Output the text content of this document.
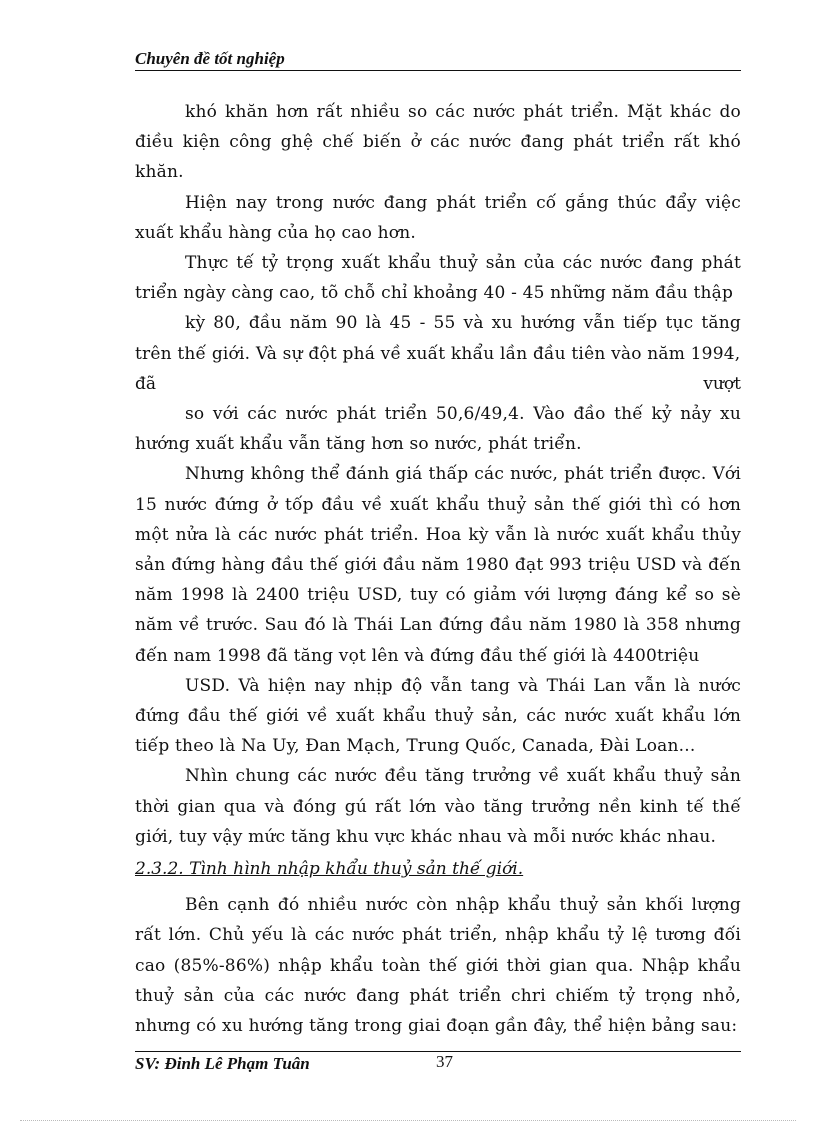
Chuyên đề tốt nghiệp

khó khăn hơn rất nhiều so các nước phát triển. Mặt khác do điều kiện công ghệ chế biến ở các nước đang phát triển rất khó khăn.

Hiện nay trong nước đang phát triển cố gắng thúc đẩy việc xuất khẩu hàng của họ cao hơn.

Thực tế tỷ trọng xuất khẩu thuỷ sản của các nước đang phát triển ngày càng cao, tõ chỗ chỉ khoảng 40 - 45 những năm đầu thập

kỳ 80, đầu năm 90 là 45 - 55 và xu hướng vẫn tiếp tục tăng trên thế giới. Và sự đột phá về xuất khẩu lần đầu tiên vào năm 1994,

đã	vượt

so với các nước phát triển 50,6/49,4. Vào đầo thế kỷ nảy xu hướng xuất khẩu vẫn tăng hơn so nước, phát triển.

Nhưng không thể đánh giá thấp các nước, phát triển được. Với 15 nước đứng ở tốp đầu về xuất khẩu thuỷ sản thế giới thì có hơn một nửa là các nước phát triển. Hoa kỳ vẫn là nước xuất khẩu thủy sản đứng hàng đầu thế giới đầu năm 1980 đạt 993 triệu USD và đến năm 1998 là 2400 triệu USD, tuy có giảm với lượng đáng kể so sè năm về trước. Sau đó là Thái Lan đứng đầu năm 1980 là 358 nhưng đến nam 1998 đã tăng vọt lên và đứng đầu thế giới là 4400triệu

USD. Và hiện nay nhịp độ vẫn tang và Thái Lan vẫn là nước đứng đầu thế giới về xuất khẩu thuỷ sản, các nước xuất khẩu lớn tiếp theo là Na Uy, Đan Mạch, Trung Quốc, Canada, Đài Loan...

Nhìn chung các nước đều tăng trưởng về xuất khẩu thuỷ sản thời gian qua và đóng gú rất lớn vào tăng trưởng nền kinh tế thế giới, tuy vậy mức tăng khu vực khác nhau và mỗi nước khác nhau.

2.3.2. Tình hình nhập khẩu thuỷ sản thế giới.

Bên cạnh đó nhiều nước còn nhập khẩu thuỷ sản khối lượng rất lớn. Chủ yếu là các nước phát triển, nhập khẩu tỷ lệ tương đối cao (85%-86%) nhập khẩu toàn thế giới thời gian qua. Nhập khẩu thuỷ sản của các nước đang phát triển chri chiếm tỷ trọng nhỏ, nhưng có xu hướng tăng trong giai đoạn gần đây, thể hiện bảng sau:

SV: Đinh Lê Phạm Tuân	37
